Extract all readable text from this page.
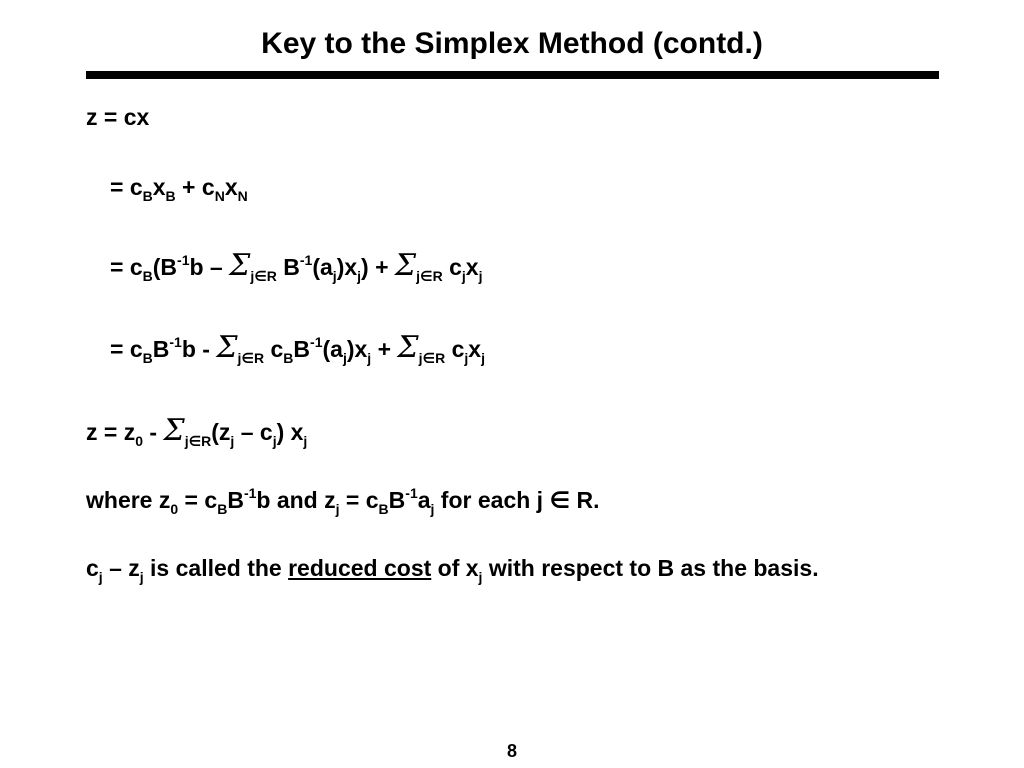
Key to the Simplex Method (contd.)
z = cx
= $c_Bx_B + c_Nx_N$
= $c_B(B^{-1}b - \Sigma_{j\in R}$ $B^{-1}(a_j)x_j) + \Sigma_{j\in R}$ $c_jx_j$
= $c_BB^{-1}b - \Sigma_{j\in R}$ $c_BB^{-1}(a_j)x_j + \Sigma_{j\in R}$ $c_jx_j$
$z = z_0 - \Sigma_{j\in R}(z_j - c_j)$ $x_j$
where $z_0 = c_BB^{-1}b$ and $z_j = c_BB^{-1}a_j$ for each j ∈ R.
$c_j - z_j$ is called the reduced cost of $x_j$ with respect to B as the basis.
8
